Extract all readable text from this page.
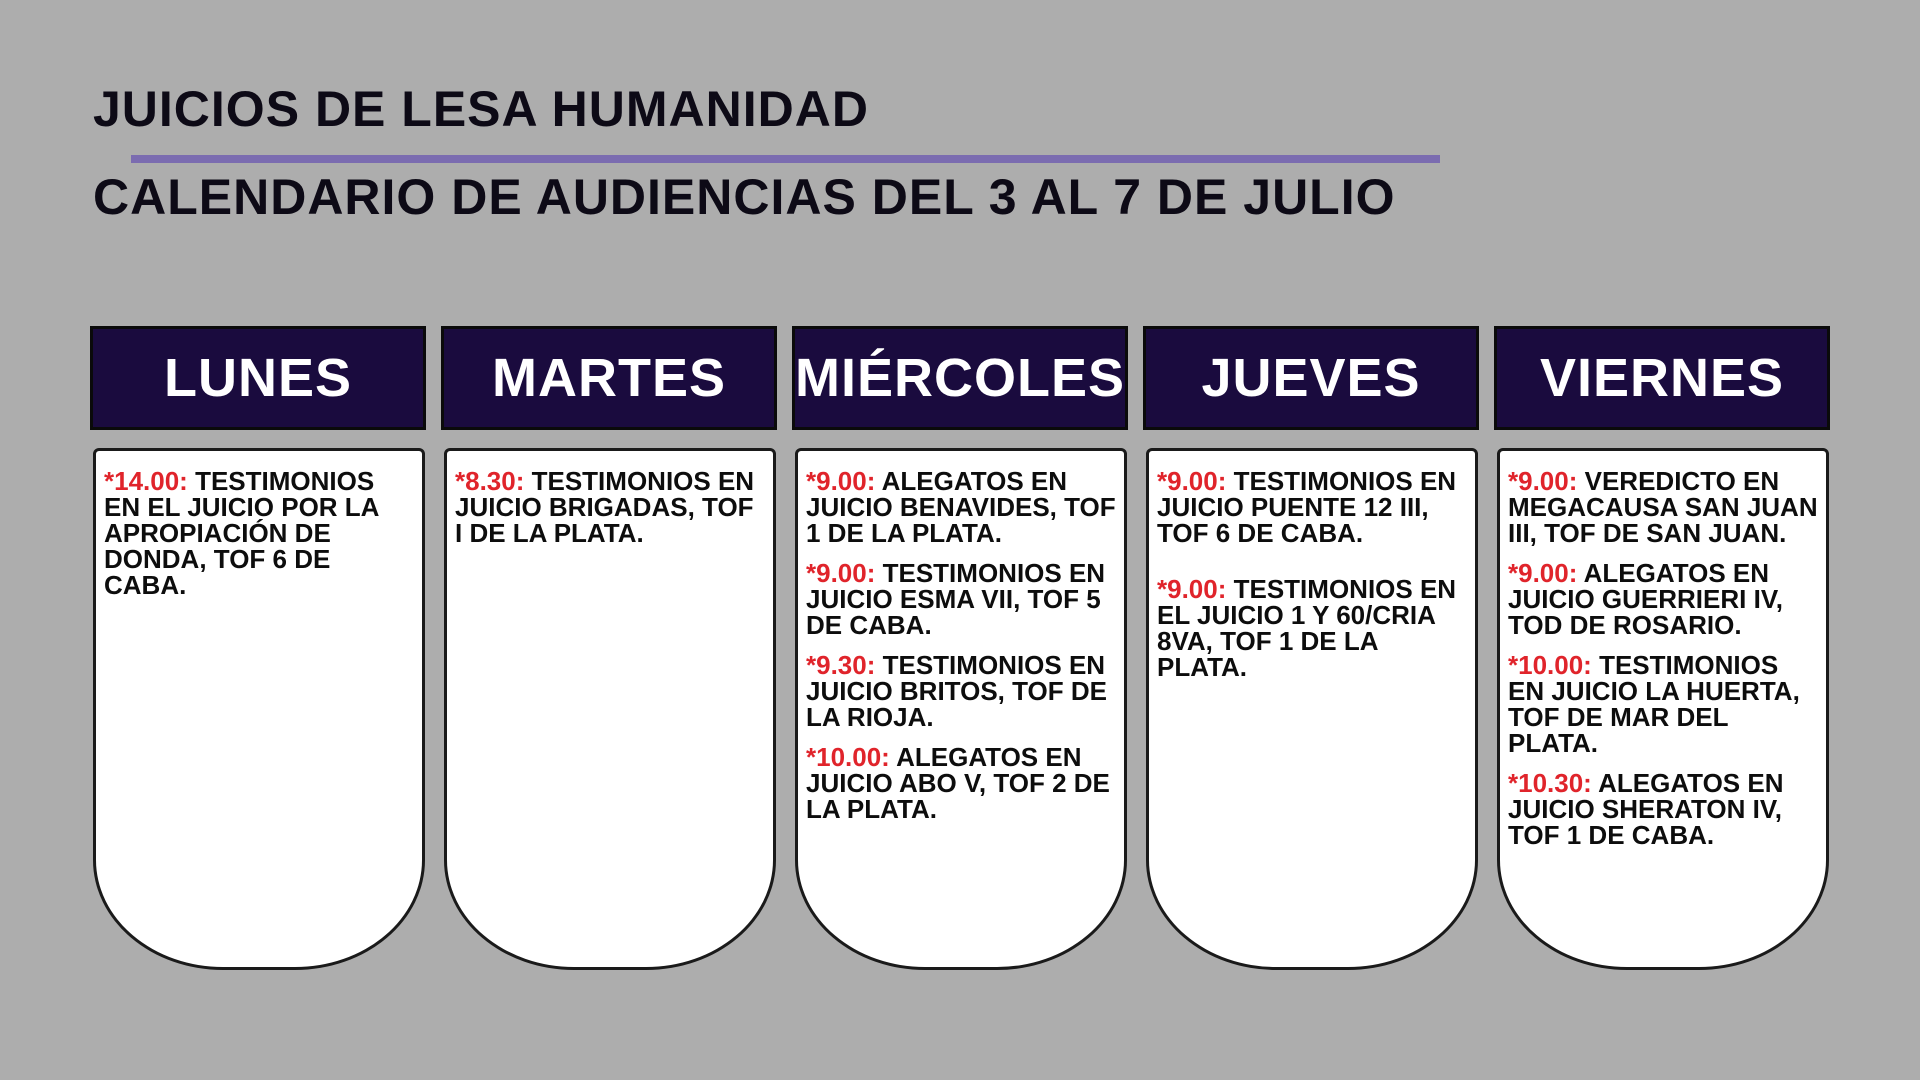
JUICIOS DE LESA HUMANIDAD
CALENDARIO DE AUDIENCIAS DEL 3 AL 7 DE JULIO
LUNES

*14.00: TESTIMONIOS EN EL JUICIO POR LA APROPIACIÓN DE DONDA, TOF 6 DE CABA.

MARTES

*8.30: TESTIMONIOS EN JUICIO BRIGADAS, TOF I DE LA PLATA.

MIÉRCOLES

*9.00: ALEGATOS EN JUICIO BENAVIDES, TOF 1 DE LA PLATA.

*9.00: TESTIMONIOS EN JUICIO ESMA VII, TOF 5 DE CABA.

*9.30: TESTIMONIOS EN JUICIO BRITOS, TOF DE LA RIOJA.

*10.00: ALEGATOS EN JUICIO ABO V, TOF 2 DE LA PLATA.

JUEVES

*9.00: TESTIMONIOS EN JUICIO PUENTE 12 III, TOF 6 DE CABA.

*9.00: TESTIMONIOS EN EL JUICIO 1 Y 60/CRIA 8VA, TOF 1 DE LA PLATA.

VIERNES

*9.00: VEREDICTO EN MEGACAUSA SAN JUAN III, TOF DE SAN JUAN.

*9.00: ALEGATOS EN JUICIO GUERRIERI IV, TOD DE ROSARIO.

*10.00: TESTIMONIOS EN JUICIO LA HUERTA, TOF DE MAR DEL PLATA.

*10.30: ALEGATOS EN JUICIO SHERATON IV, TOF 1 DE CABA.
